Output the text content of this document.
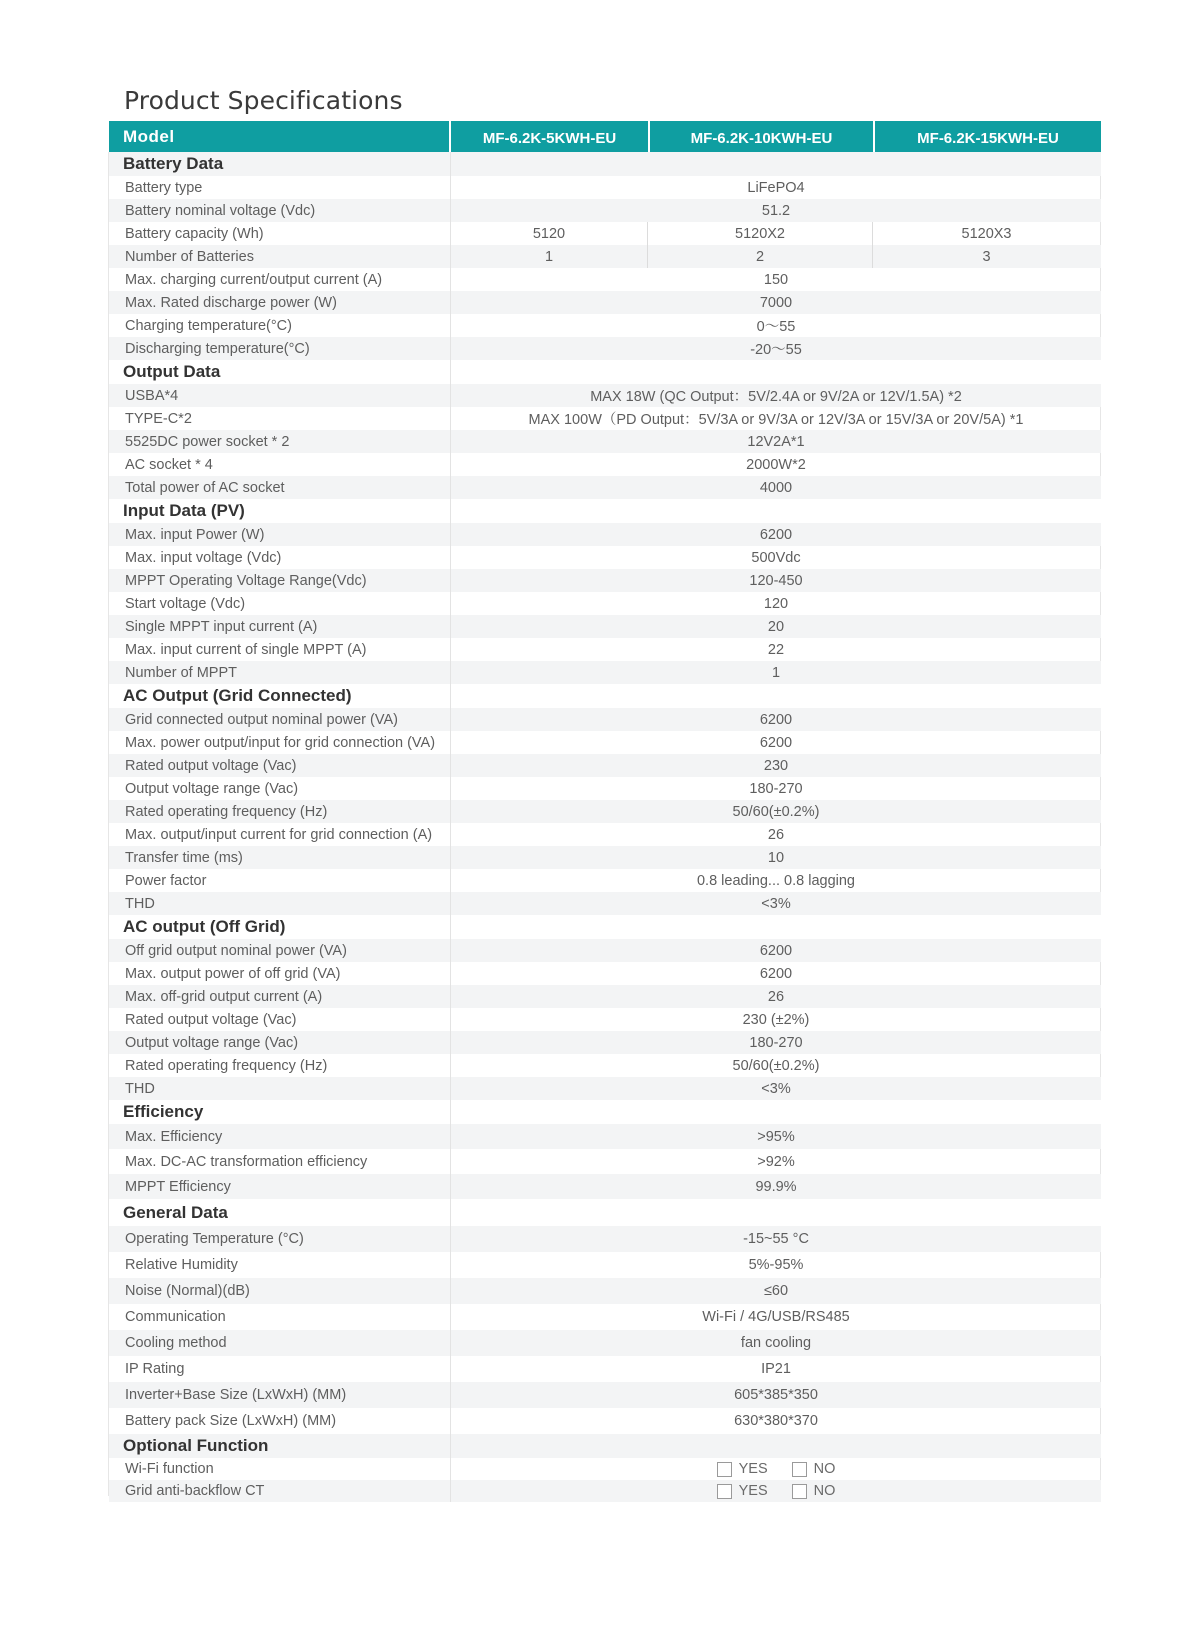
Product Specifications
Model	MF-6.2K-5KWH-EU	MF-6.2K-10KWH-EU	MF-6.2K-15KWH-EU
Battery Data
Battery type	LiFePO4
Battery nominal voltage (Vdc)	51.2
Battery capacity (Wh)	5120	5120X2	5120X3
Number of Batteries	1	2	3
Max. charging current/output current (A)	150
Max. Rated discharge power (W)	7000
Charging temperature(°C)	0～55
Discharging temperature(°C)	-20～55
Output Data
USBA*4	MAX 18W (QC Output：5V/2.4A or 9V/2A or 12V/1.5A) *2
TYPE-C*2	MAX 100W（PD Output：5V/3A or 9V/3A or 12V/3A or 15V/3A or 20V/5A) *1
5525DC power socket * 2	12V2A*1
AC socket * 4	2000W*2
Total power of AC socket	4000
Input Data (PV)
Max. input Power (W)	6200
Max. input voltage (Vdc)	500Vdc
MPPT Operating Voltage Range(Vdc)	120-450
Start voltage (Vdc)	120
Single MPPT input current (A)	20
Max. input current of single MPPT (A)	22
Number of MPPT	1
AC Output (Grid Connected)
Grid connected output nominal power (VA)	6200
Max. power output/input for grid connection (VA)	6200
Rated output voltage (Vac)	230
Output voltage range (Vac)	180-270
Rated operating frequency (Hz)	50/60(±0.2%)
Max. output/input current for grid connection (A)	26
Transfer time (ms)	10
Power factor	0.8 leading... 0.8 lagging
THD	<3%
AC output (Off Grid)
Off grid output nominal power (VA)	6200
Max. output power of off grid (VA)	6200
Max. off-grid output current (A)	26
Rated output voltage (Vac)	230 (±2%)
Output voltage range (Vac)	180-270
Rated operating frequency (Hz)	50/60(±0.2%)
THD	<3%
Efficiency
Max. Efficiency	>95%
Max. DC-AC transformation efficiency	>92%
MPPT Efficiency	99.9%
General Data
Operating Temperature (°C)	-15~55 °C
Relative Humidity	5%-95%
Noise (Normal)(dB)	≤60
Communication	Wi-Fi / 4G/USB/RS485
Cooling method	fan cooling
IP Rating	IP21
Inverter+Base Size (LxWxH) (MM)	605*385*350
Battery pack Size (LxWxH) (MM)	630*380*370
Optional Function
Wi-Fi function	YES	NO
Grid anti-backflow CT	YES	NO
